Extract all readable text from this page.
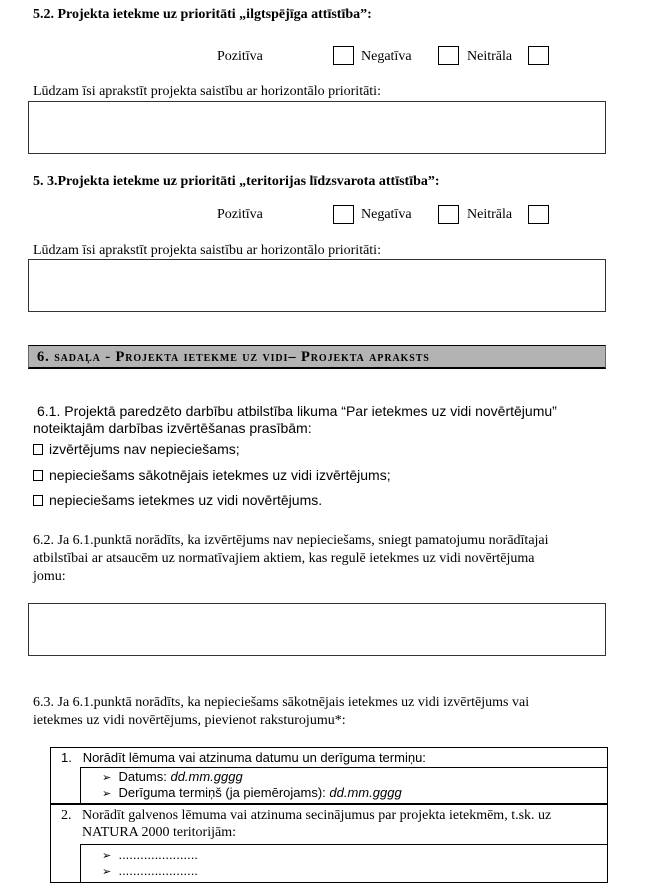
5.2. Projekta ietekme uz prioritāti „ilgtspējīga attīstība”:
Pozitīva	Negatīva	Neitrāla
Lūdzam īsi aprakstīt projekta saistību ar horizontālo prioritāti:
5. 3.Projekta ietekme uz prioritāti „teritorijas līdzsvarota attīstība”:
Pozitīva	Negatīva	Neitrāla
Lūdzam īsi aprakstīt projekta saistību ar horizontālo prioritāti:
6. sadaļa - Projekta ietekme uz vidi– Projekta apraksts
6.1. Projektā paredzēto darbību atbilstība likuma “Par ietekmes uz vidi novērtējumu”
noteiktajām darbības izvērtēšanas prasībām:
izvērtējums nav nepieciešams;
nepieciešams sākotnējais ietekmes uz vidi izvērtējums;
nepieciešams ietekmes uz vidi novērtējums.
6.2. Ja 6.1.punktā norādīts, ka izvērtējums nav nepieciešams, sniegt pamatojumu norādītajai
atbilstībai ar atsaucēm uz normatīvajiem aktiem, kas regulē ietekmes uz vidi novērtējuma
jomu:
6.3. Ja 6.1.punktā norādīts, ka nepieciešams sākotnējais ietekmes uz vidi izvērtējums vai
ietekmes uz vidi novērtējums, pievienot raksturojumu*:
1. Norādīt lēmuma vai atzinuma datumu un derīguma termiņu:
➢ Datums: dd.mm.gggg
➢ Derīguma termiņš (ja piemērojams): dd.mm.gggg
2. Norādīt galvenos lēmuma vai atzinuma secinājumus par projekta ietekmēm, t.sk. uz
NATURA 2000 teritorijām:
➢ ......................
➢ ......................
